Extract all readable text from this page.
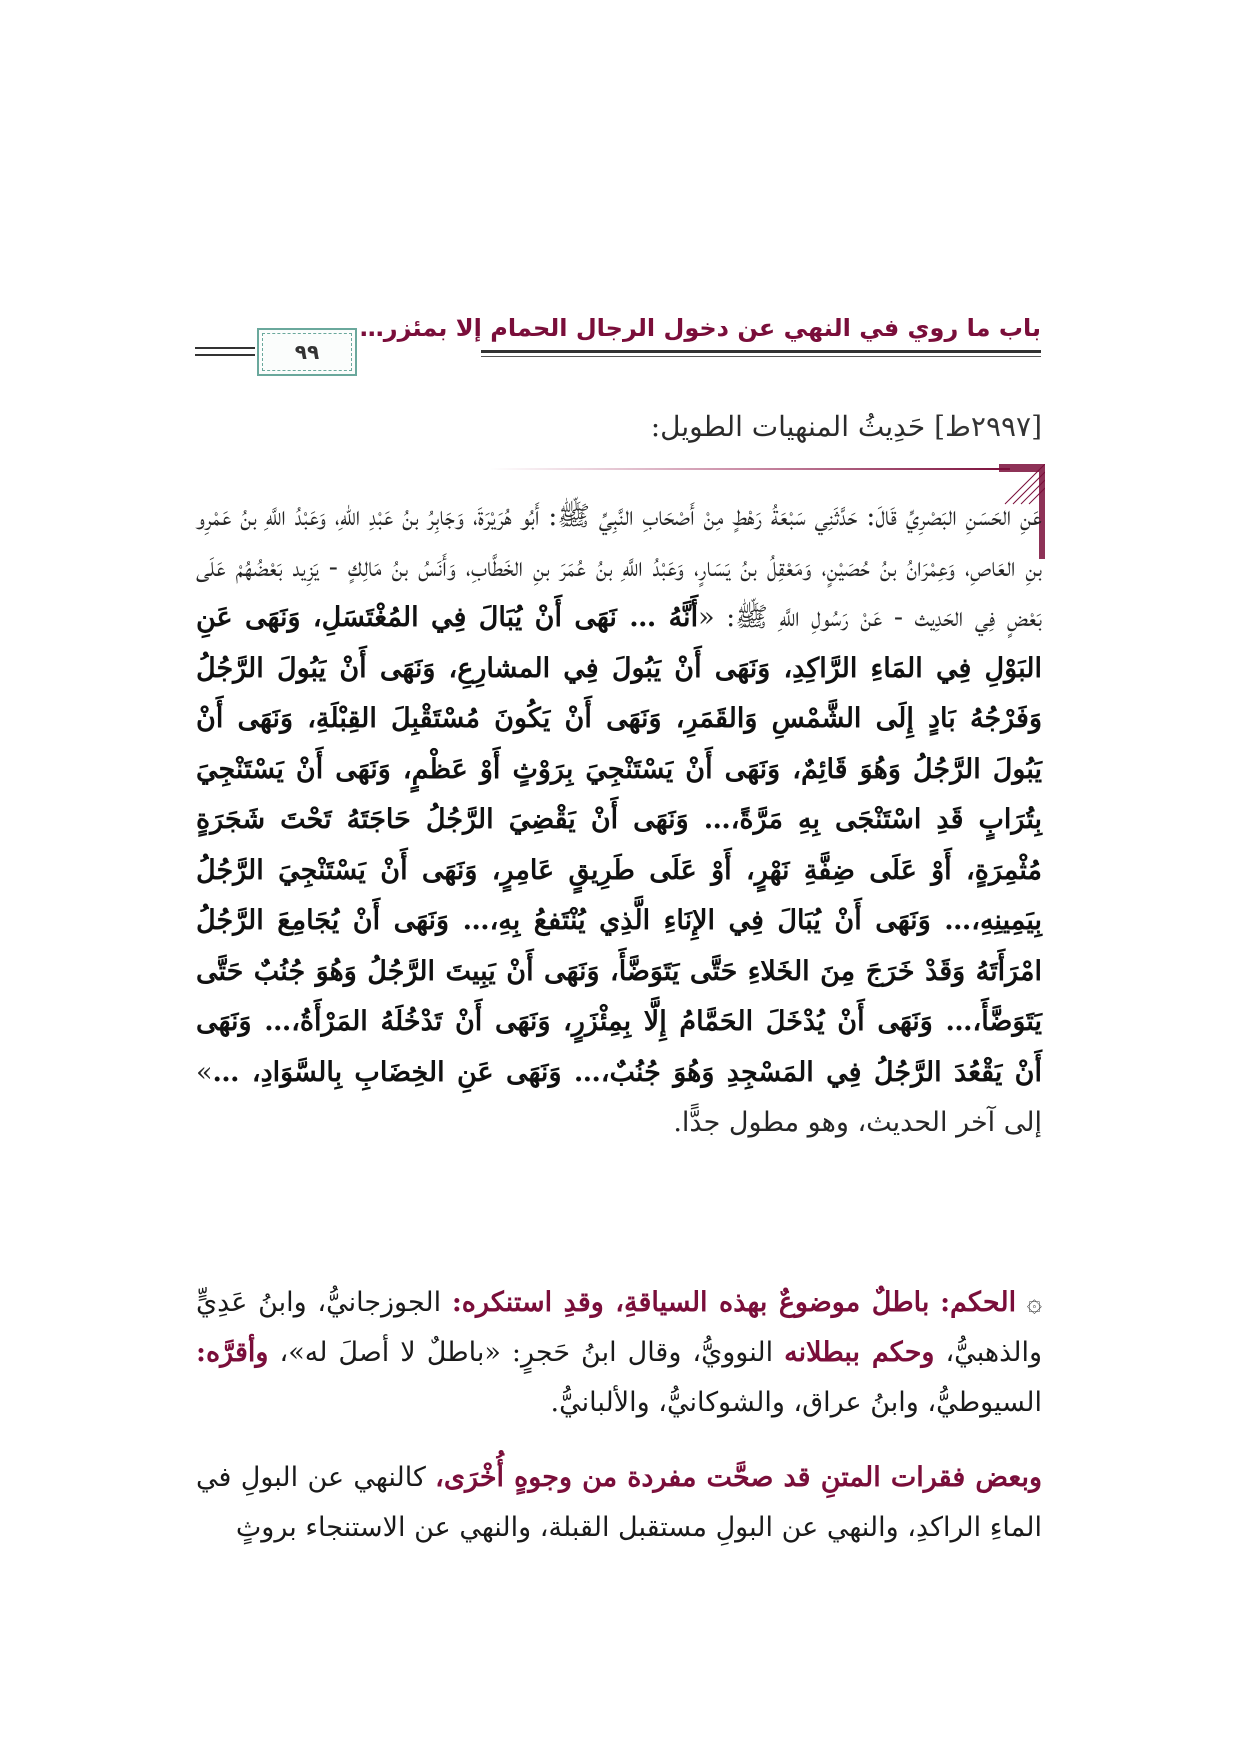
باب ما روي في النهي عن دخول الرجال الحمام إلا بمئزر…
٩٩
[٢٩٩٧ط] حَدِيثُ المنهيات الطويل:
عَنِ الحَسَنِ البَصْرِيِّ قَالَ: حَدَّثَنِي سَبْعَةُ رَهْطٍ مِنْ أَصْحَابِ النَّبِيِّ ﷺ: أَبُو هُرَيْرَةَ، وَجَابِرُ بنُ عَبْدِ اللهِ، وَعَبْدُ اللَّهِ بنُ عَمْرِو بنِ العَاصِ، وَعِمْرَانُ بنُ حُصَيْنٍ، وَمَعْقِلُ بنُ يَسَارٍ، وَعَبْدُ اللَّهِ بنُ عُمَرَ بنِ الخَطَّابِ، وَأَنَسُ بنُ مَالِكٍ - يَزِيد بَعْضُهُمْ عَلَى بَعْضٍ فِي الحَدِيث - عَنْ رَسُولِ اللَّهِ ﷺ: «أَنَّهُ … نَهَى أَنْ يُبَالَ فِي المُغْتَسَلِ، وَنَهَى عَنِ البَوْلِ فِي المَاءِ الرَّاكِدِ، وَنَهَى أَنْ يَبُولَ فِي المشارِعِ، وَنَهَى أَنْ يَبُولَ الرَّجُلُ وَفَرْجُهُ بَادٍ إِلَى الشَّمْسِ وَالقَمَرِ، وَنَهَى أَنْ يَكُونَ مُسْتَقْبِلَ القِبْلَةِ، وَنَهَى أَنْ يَبُولَ الرَّجُلُ وَهُوَ قَائِمٌ، وَنَهَى أَنْ يَسْتَنْجِيَ بِرَوْثٍ أَوْ عَظْمٍ، وَنَهَى أَنْ يَسْتَنْجِيَ بِتُرَابٍ قَدِ اسْتَنْجَى بِهِ مَرَّةً،… وَنَهَى أَنْ يَقْضِيَ الرَّجُلُ حَاجَتَهُ تَحْتَ شَجَرَةٍ مُثْمِرَةٍ، أَوْ عَلَى ضِفَّةِ نَهْرٍ، أَوْ عَلَى طَرِيقٍ عَامِرٍ، وَنَهَى أَنْ يَسْتَنْجِيَ الرَّجُلُ بِيَمِينِهِ،… وَنَهَى أَنْ يُبَالَ فِي الإِنَاءِ الَّذِي يُنْتَفعُ بِهِ،… وَنَهَى أَنْ يُجَامِعَ الرَّجُلُ امْرَأَتَهُ وَقَدْ خَرَجَ مِنَ الخَلاءِ حَتَّى يَتَوَضَّأَ، وَنَهَى أَنْ يَبِيتَ الرَّجُلُ وَهُوَ جُنُبٌ حَتَّى يَتَوَضَّأَ،… وَنَهَى أَنْ يُدْخَلَ الحَمَّامُ إِلَّا بِمِئْزَرٍ، وَنَهَى أَنْ تَدْخُلَهُ المَرْأَةُ،… وَنَهَى أَنْ يَقْعُدَ الرَّجُلُ فِي المَسْجِدِ وَهُوَ جُنُبٌ،… وَنَهَى عَنِ الخِضَابِ بِالسَّوَادِ، …» إلى آخر الحديث، وهو مطول جدًّا.
۞ الحكم: باطلٌ موضوعٌ بهذه السياقةِ، وقدِ استنكره: الجوزجانيُّ، وابنُ عَدِيٍّ والذهبيُّ، وحكم ببطلانه النوويُّ، وقال ابنُ حَجرٍ: «باطلٌ لا أصلَ له»، وأقرَّه: السيوطيُّ، وابنُ عراق، والشوكانيُّ، والألبانيُّ.
وبعض فقرات المتنِ قد صحَّت مفردة من وجوهٍ أُخْرَى، كالنهي عن البولِ في الماءِ الراكدِ، والنهي عن البولِ مستقبل القبلة، والنهي عن الاستنجاء بروثٍ
